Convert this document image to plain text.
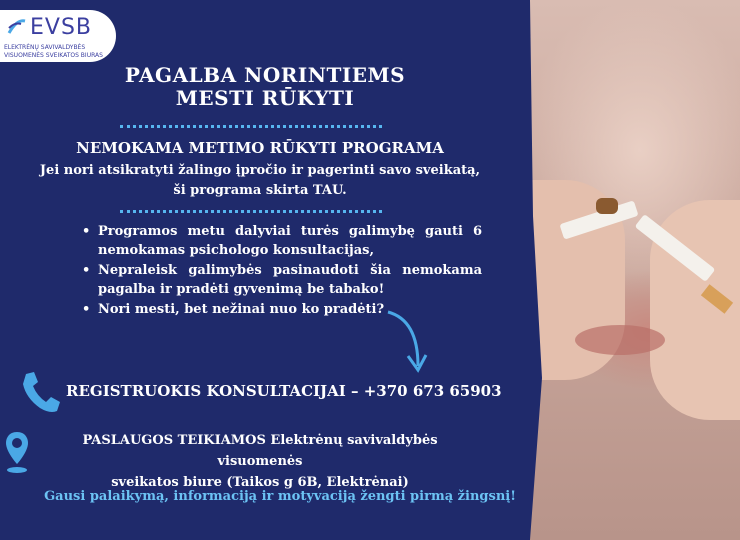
EVSB
ELEKTRĖNŲ SAVIVALDYBĖS
VISUOMENĖS SVEIKATOS BIURAS
PAGALBA NORINTIEMS
MESTI RŪKYTI
NEMOKAMA METIMO RŪKYTI PROGRAMA
Jei nori atsikratyti žalingo įpročio ir pagerinti savo sveikatą,
ši programa skirta TAU.
• Programos metu dalyviai turės galimybę gauti 6 nemokamas psichologo konsultacijas,
• Nepraleisk galimybės pasinaudoti šia nemokama pagalba ir pradėti gyvenimą be tabako!
• Nori mesti, bet nežinai nuo ko pradėti?
REGISTRUOKIS KONSULTACIJAI – +370 673 65903
PASLAUGOS TEIKIAMOS Elektrėnų savivaldybės visuomenės
sveikatos biure (Taikos g 6B, Elektrėnai)
Gausi palaikymą, informaciją ir motyvaciją žengti pirmą žingsnį!
